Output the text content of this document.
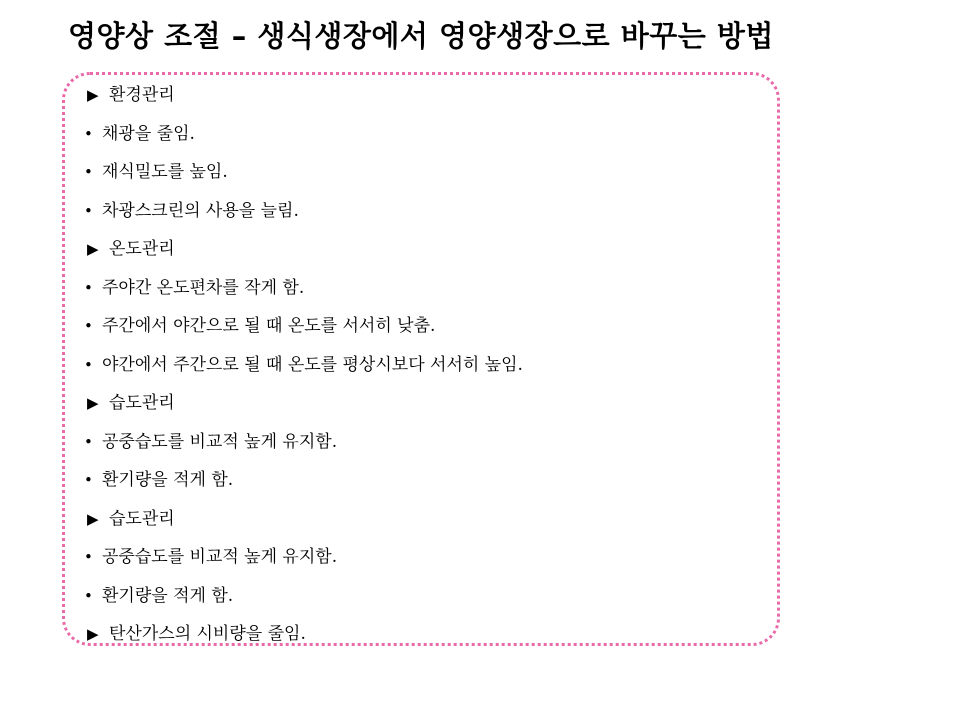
영양상 조절 – 생식생장에서 영양생장으로 바꾸는 방법
▶ 환경관리
• 채광을 줄임.
• 재식밀도를 높임.
• 차광스크린의 사용을 늘림.
▶ 온도관리
• 주야간 온도편차를 작게 함.
• 주간에서 야간으로 될 때 온도를 서서히 낮춤.
• 야간에서 주간으로 될 때 온도를 평상시보다 서서히 높임.
▶ 습도관리
• 공중습도를 비교적 높게 유지함.
• 환기량을 적게 함.
▶ 습도관리
• 공중습도를 비교적 높게 유지함.
• 환기량을 적게 함.
▶ 탄산가스의 시비량을 줄임.
